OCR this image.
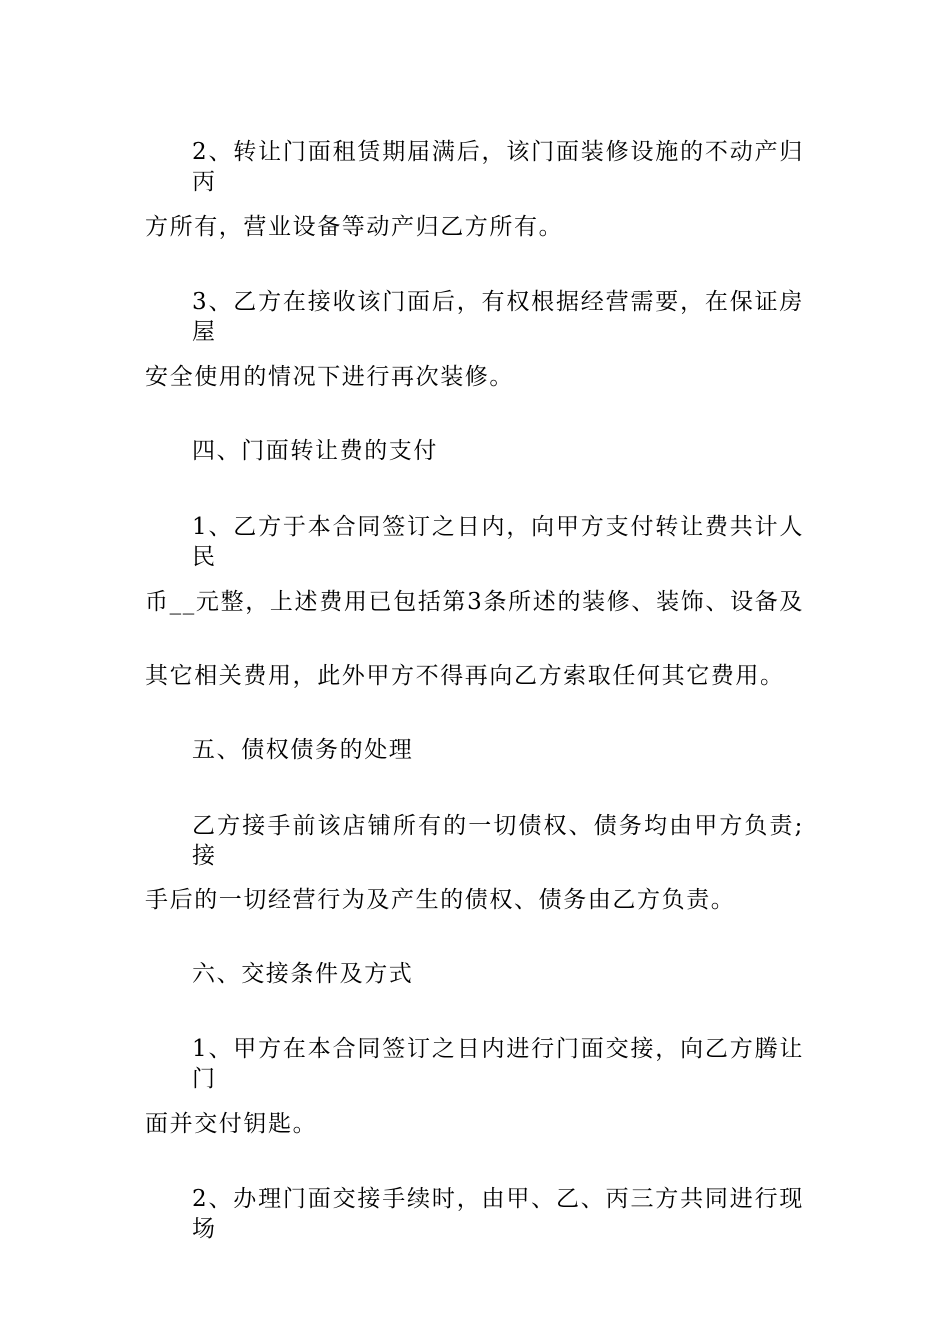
2、转让门面租赁期届满后，该门面装修设施的不动产归丙
方所有，营业设备等动产归乙方所有。
3、乙方在接收该门面后，有权根据经营需要，在保证房屋
安全使用的情况下进行再次装修。
四、门面转让费的支付
1、乙方于本合同签订之日内，向甲方支付转让费共计人民
币__元整，上述费用已包括第3条所述的装修、装饰、设备及
其它相关费用，此外甲方不得再向乙方索取任何其它费用。
五、债权债务的处理
乙方接手前该店铺所有的一切债权、债务均由甲方负责;接
手后的一切经营行为及产生的债权、债务由乙方负责。
六、交接条件及方式
1、甲方在本合同签订之日内进行门面交接，向乙方腾让门
面并交付钥匙。
2、办理门面交接手续时，由甲、乙、丙三方共同进行现场
